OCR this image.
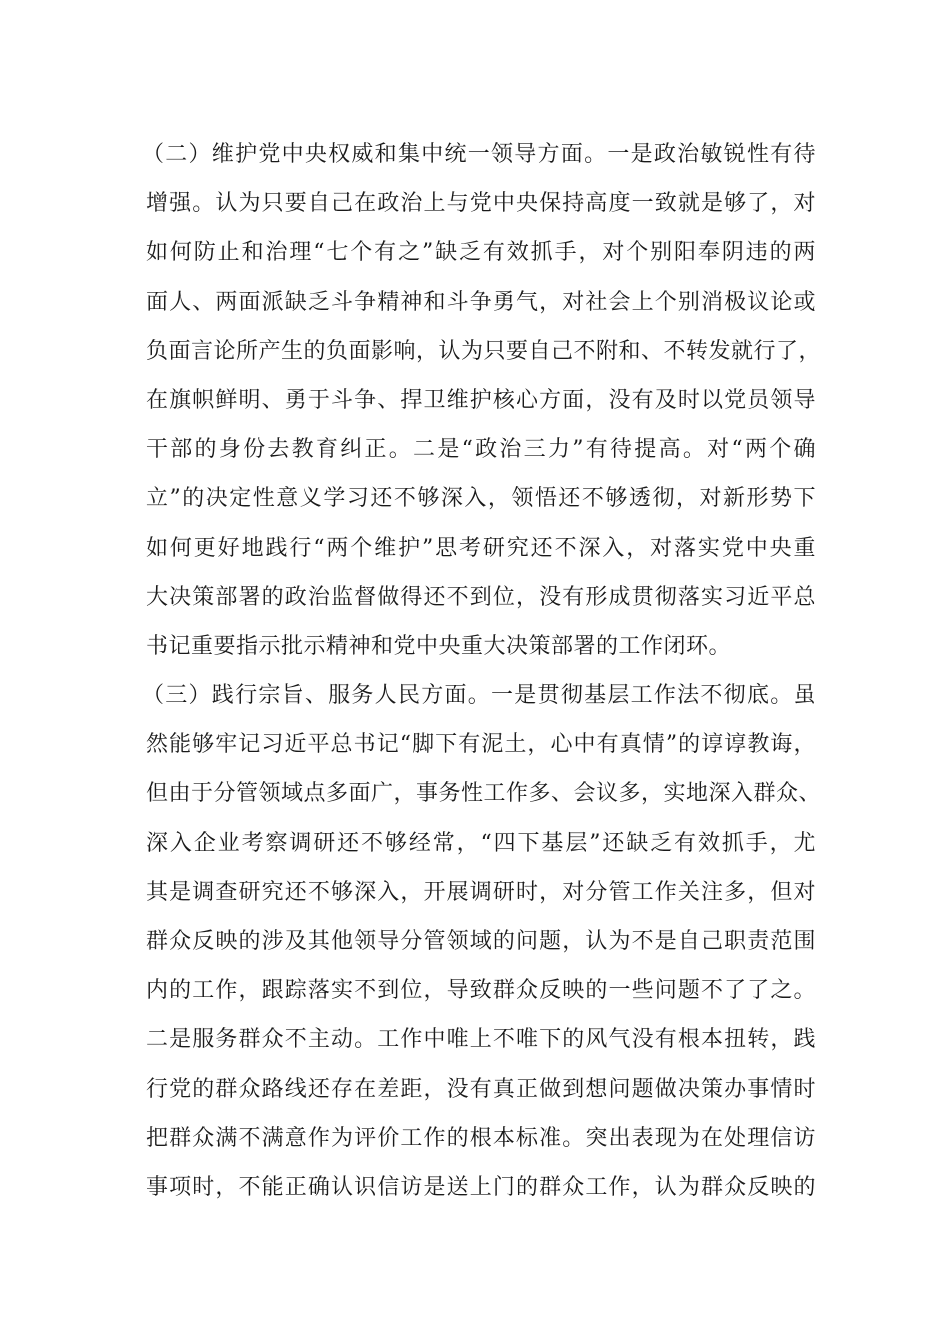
（二）维护党中央权威和集中统一领导方面。一是政治敏锐性有待
增强。认为只要自己在政治上与党中央保持高度一致就是够了，对
如何防止和治理“七个有之”缺乏有效抓手，对个别阳奉阴违的两
面人、两面派缺乏斗争精神和斗争勇气，对社会上个别消极议论或
负面言论所产生的负面影响，认为只要自己不附和、不转发就行了，
在旗帜鲜明、勇于斗争、捍卫维护核心方面，没有及时以党员领导
干部的身份去教育纠正。二是“政治三力”有待提高。对“两个确
立”的决定性意义学习还不够深入，领悟还不够透彻，对新形势下
如何更好地践行“两个维护”思考研究还不深入，对落实党中央重
大决策部署的政治监督做得还不到位，没有形成贯彻落实习近平总
书记重要指示批示精神和党中央重大决策部署的工作闭环。
（三）践行宗旨、服务人民方面。一是贯彻基层工作法不彻底。虽
然能够牢记习近平总书记“脚下有泥土，心中有真情”的谆谆教诲，
但由于分管领域点多面广，事务性工作多、会议多，实地深入群众、
深入企业考察调研还不够经常，“四下基层”还缺乏有效抓手，尤
其是调查研究还不够深入，开展调研时，对分管工作关注多，但对
群众反映的涉及其他领导分管领域的问题，认为不是自己职责范围
内的工作，跟踪落实不到位，导致群众反映的一些问题不了了之。
二是服务群众不主动。工作中唯上不唯下的风气没有根本扭转，践
行党的群众路线还存在差距，没有真正做到想问题做决策办事情时
把群众满不满意作为评价工作的根本标准。突出表现为在处理信访
事项时，不能正确认识信访是送上门的群众工作，认为群众反映的
